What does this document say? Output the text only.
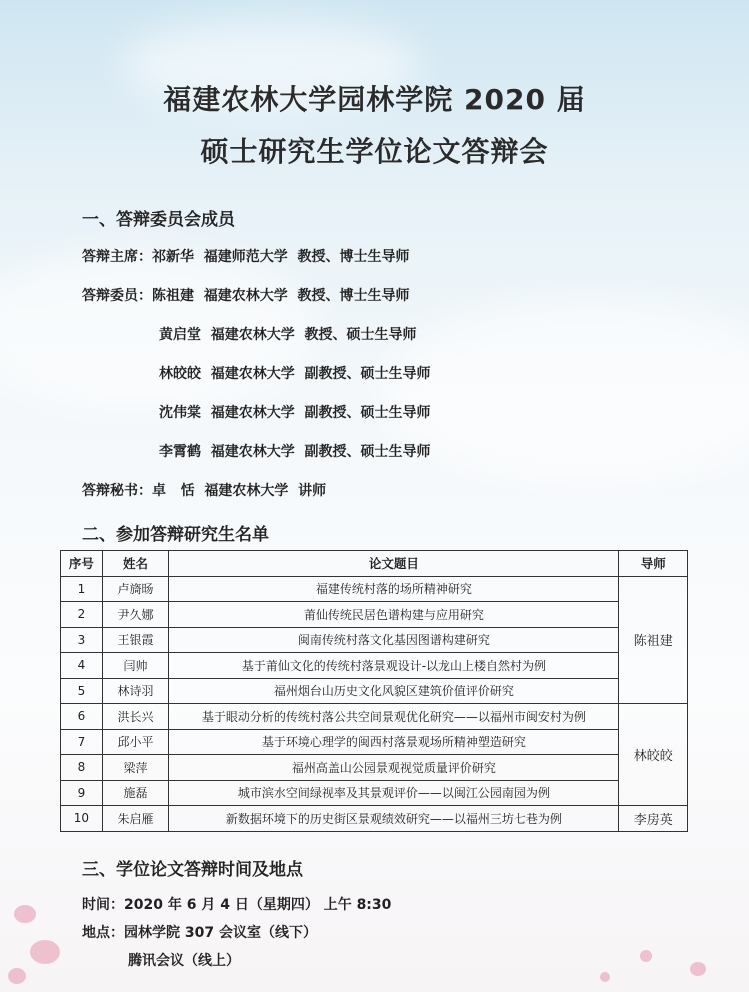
福建农林大学园林学院 2020 届
硕士研究生学位论文答辩会
一、答辩委员会成员
答辩主席：祁新华  福建师范大学  教授、博士生导师
答辩委员：陈祖建  福建农林大学  教授、博士生导师
黄启堂  福建农林大学  教授、硕士生导师
林皎皎  福建农林大学  副教授、硕士生导师
沈伟棠  福建农林大学  副教授、硕士生导师
李霄鹤  福建农林大学  副教授、硕士生导师
答辩秘书：卓   恬  福建农林大学  讲师
二、参加答辩研究生名单
序号	姓名	论文题目	导师
1	卢旖旸	福建传统村落的场所精神研究	陈祖建
2	尹久娜	莆仙传统民居色谱构建与应用研究	
3	王银霞	闽南传统村落文化基因图谱构建研究	
4	闫帅	基于莆仙文化的传统村落景观设计-以龙山上楼自然村为例	
5	林诗羽	福州烟台山历史文化风貌区建筑价值评价研究	
6	洪长兴	基于眼动分析的传统村落公共空间景观优化研究——以福州市闽安村为例	林皎皎
7	邱小平	基于环境心理学的闽西村落景观场所精神塑造研究	
8	梁萍	福州高盖山公园景观视觉质量评价研究	
9	施磊	城市滨水空间绿视率及其景观评价——以闽江公园南园为例	
10	朱启雁	新数据环境下的历史街区景观绩效研究——以福州三坊七巷为例	李房英
三、学位论文答辩时间及地点
时间：2020 年 6 月 4 日（星期四） 上午 8:30
地点：园林学院 307 会议室（线下）
腾讯会议（线上）
